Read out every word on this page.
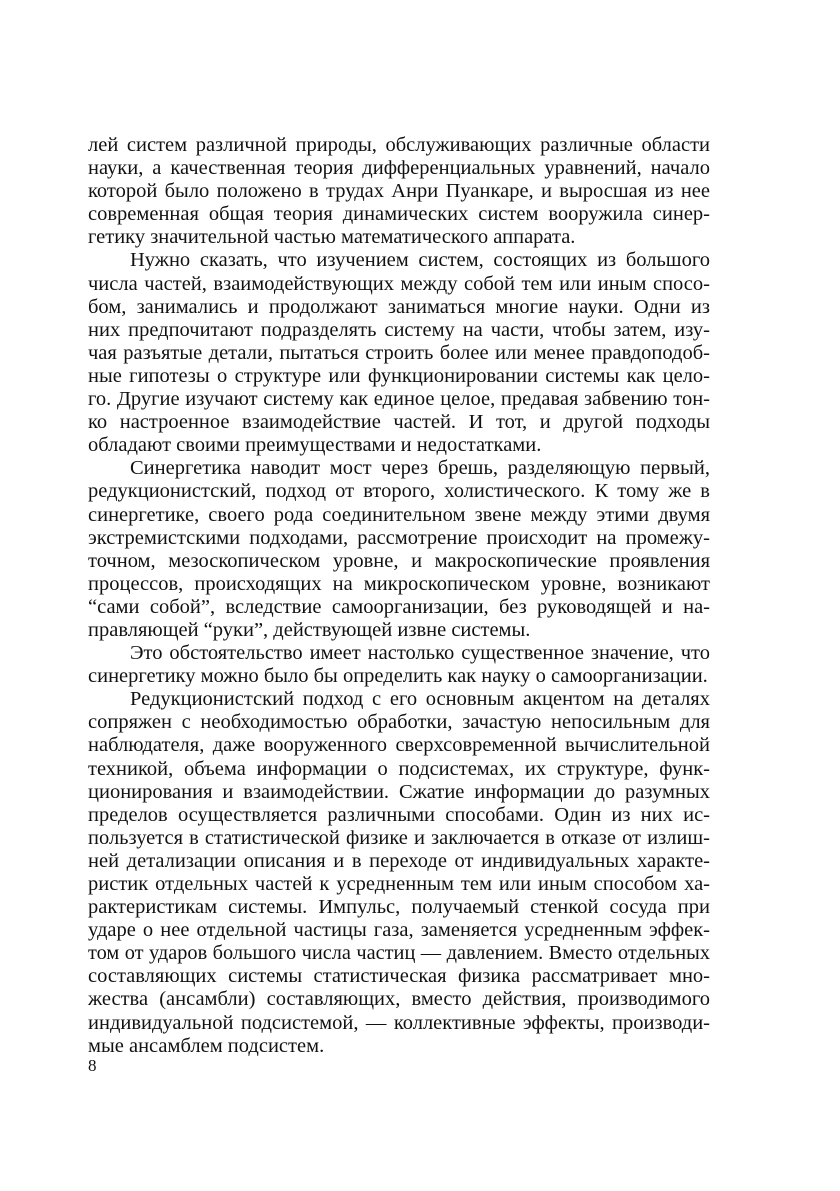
лей систем различной природы, обслуживающих различные области
науки, а качественная теория дифференциальных уравнений, начало
которой было положено в трудах Анри Пуанкаре, и выросшая из нее
современная общая теория динамических систем вооружила синер-
гетику значительной частью математического аппарата.
Нужно сказать, что изучением систем, состоящих из большого
числа частей, взаимодействующих между собой тем или иным спосо-
бом, занимались и продолжают заниматься многие науки. Одни из
них предпочитают подразделять систему на части, чтобы затем, изу-
чая разъятые детали, пытаться строить более или менее правдоподоб-
ные гипотезы о структуре или функционировании системы как цело-
го. Другие изучают систему как единое целое, предавая забвению тон-
ко настроенное взаимодействие частей. И тот, и другой подходы
обладают своими преимуществами и недостатками.
Синергетика наводит мост через брешь, разделяющую первый,
редукционистский, подход от второго, холистического. К тому же в
синергетике, своего рода соединительном звене между этими двумя
экстремистскими подходами, рассмотрение происходит на промежу-
точном, мезоскопическом уровне, и макроскопические проявления
процессов, происходящих на микроскопическом уровне, возникают
“сами собой”, вследствие самоорганизации, без руководящей и на-
правляющей “руки”, действующей извне системы.
Это обстоятельство имеет настолько существенное значение, что
синергетику можно было бы определить как науку о самоорганизации.
Редукционистский подход с его основным акцентом на деталях
сопряжен с необходимостью обработки, зачастую непосильным для
наблюдателя, даже вооруженного сверхсовременной вычислительной
техникой, объема информации о подсистемах, их структуре, функ-
ционирования и взаимодействии. Сжатие информации до разумных
пределов осуществляется различными способами. Один из них ис-
пользуется в статистической физике и заключается в отказе от излиш-
ней детализации описания и в переходе от индивидуальных характе-
ристик отдельных частей к усредненным тем или иным способом ха-
рактеристикам системы. Импульс, получаемый стенкой сосуда при
ударе о нее отдельной частицы газа, заменяется усредненным эффек-
том от ударов большого числа частиц — давлением. Вместо отдельных
составляющих системы статистическая физика рассматривает мно-
жества (ансамбли) составляющих, вместо действия, производимого
индивидуальной подсистемой, — коллективные эффекты, производи-
мые ансамблем подсистем.
8
